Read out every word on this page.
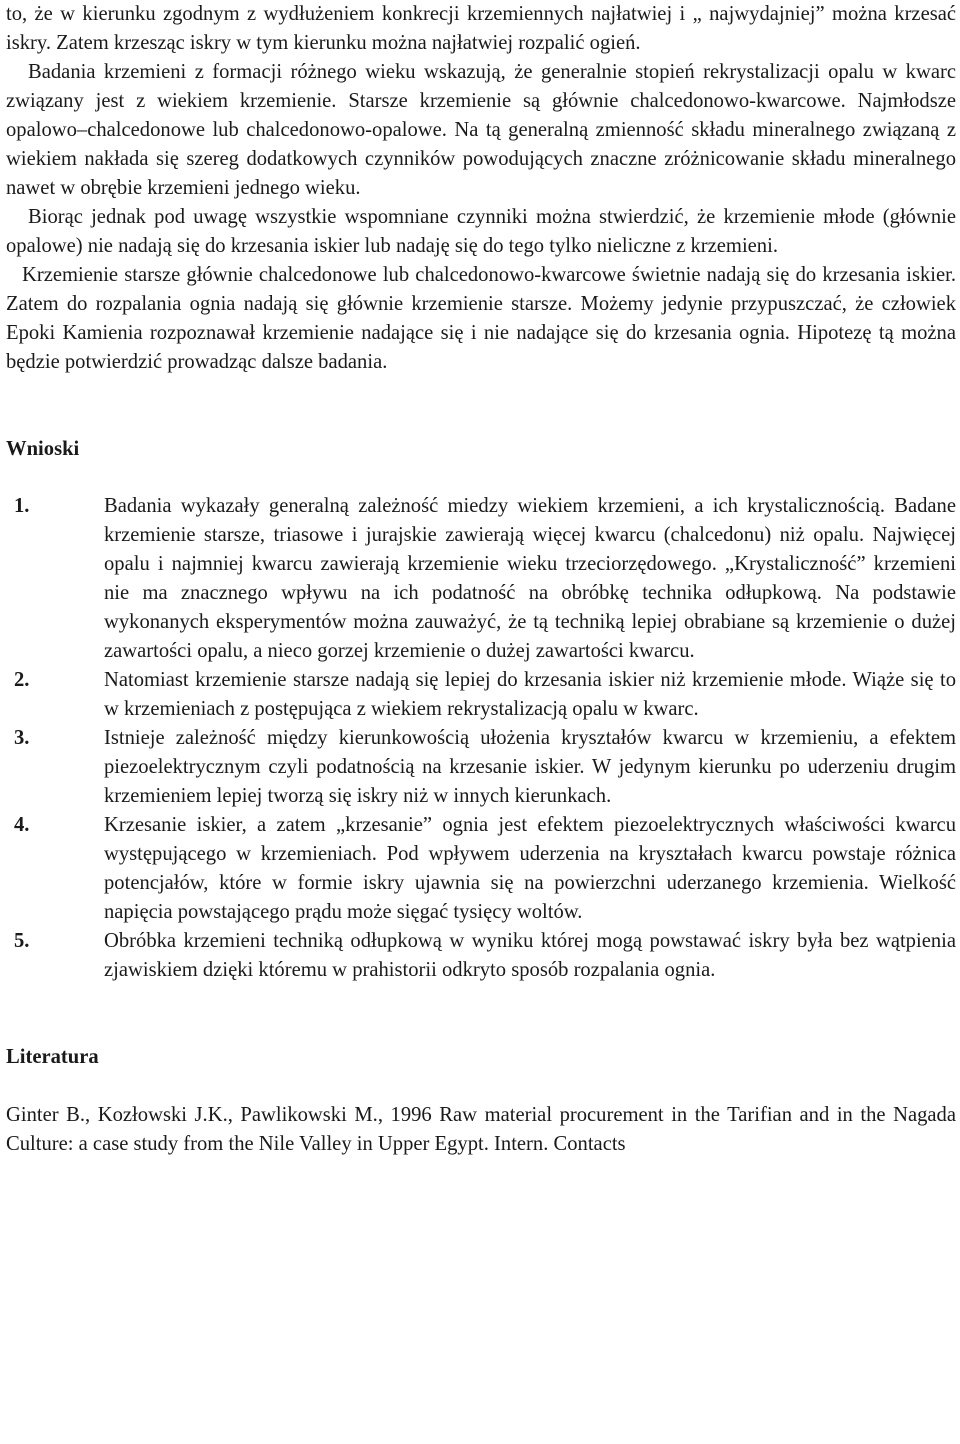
to, że w kierunku zgodnym z wydłużeniem konkrecji krzemiennych najłatwiej i „ najwydajniej” można krzesać iskry. Zatem krzesząc iskry w tym kierunku można najłatwiej rozpalić ogień.

Badania krzemieni z formacji różnego wieku wskazują, że generalnie stopień rekrystalizacji opalu w kwarc związany jest z wiekiem krzemienie. Starsze krzemienie są głównie chalcedonowo-kwarcowe. Najmłodsze opalowo–chalcedonowe lub chalcedonowo-opalowe. Na tą generalną zmienność składu mineralnego związaną z wiekiem nakłada się szereg dodatkowych czynników powodujących znaczne zróżnicowanie składu mineralnego nawet w obrębie krzemieni jednego wieku.

Biorąc jednak pod uwagę wszystkie wspomniane czynniki można stwierdzić, że krzemienie młode (głównie opalowe) nie nadają się do krzesania iskier lub nadaję się do tego tylko nieliczne z krzemieni.

Krzemienie starsze głównie chalcedonowe lub chalcedonowo-kwarcowe świetnie nadają się do krzesania iskier. Zatem do rozpalania ognia nadają się głównie krzemienie starsze. Możemy jedynie przypuszczać, że człowiek Epoki Kamienia rozpoznawał krzemienie nadające się i nie nadające się do krzesania ognia. Hipotezę tą można będzie potwierdzić prowadząc dalsze badania.

Wnioski
1.	Badania wykazały generalną zależność miedzy wiekiem krzemieni, a ich krystalicznością. Badane krzemienie starsze, triasowe i jurajskie zawierają więcej kwarcu (chalcedonu) niż opalu. Najwięcej opalu i najmniej kwarcu zawierają krzemienie wieku trzeciorzędowego. „Krystaliczność” krzemieni nie ma znacznego wpływu na ich podatność na obróbkę technika odłupkową. Na podstawie wykonanych eksperymentów można zauważyć, że tą techniką lepiej obrabiane są krzemienie o dużej zawartości opalu, a nieco gorzej krzemienie o dużej zawartości kwarcu.
2.	Natomiast krzemienie starsze nadają się lepiej do krzesania iskier niż krzemienie młode. Wiąże się to w krzemieniach z postępująca z wiekiem rekrystalizacją opalu w kwarc.
3.	Istnieje zależność między kierunkowością ułożenia kryształów kwarcu w krzemieniu, a efektem piezoelektrycznym czyli podatnością na krzesanie iskier. W jedynym kierunku po uderzeniu drugim krzemieniem lepiej tworzą się iskry niż w innych kierunkach.
4.	Krzesanie iskier, a zatem „krzesanie” ognia jest efektem piezoelektrycznych właściwości kwarcu występującego w krzemieniach. Pod wpływem uderzenia na kryształach kwarcu powstaje różnica potencjałów, które w formie iskry ujawnia się na powierzchni uderzanego krzemienia. Wielkość napięcia powstającego prądu może sięgać tysięcy woltów.
5.	Obróbka krzemieni techniką odłupkową w wyniku której mogą powstawać iskry była bez wątpienia zjawiskiem dzięki któremu w prahistorii odkryto sposób rozpalania ognia.
Literatura

Ginter B., Kozłowski J.K., Pawlikowski M., 1996 Raw material procurement in the Tarifian and in the Nagada Culture: a case study from the Nile Valley in Upper Egypt. Intern. Contacts
